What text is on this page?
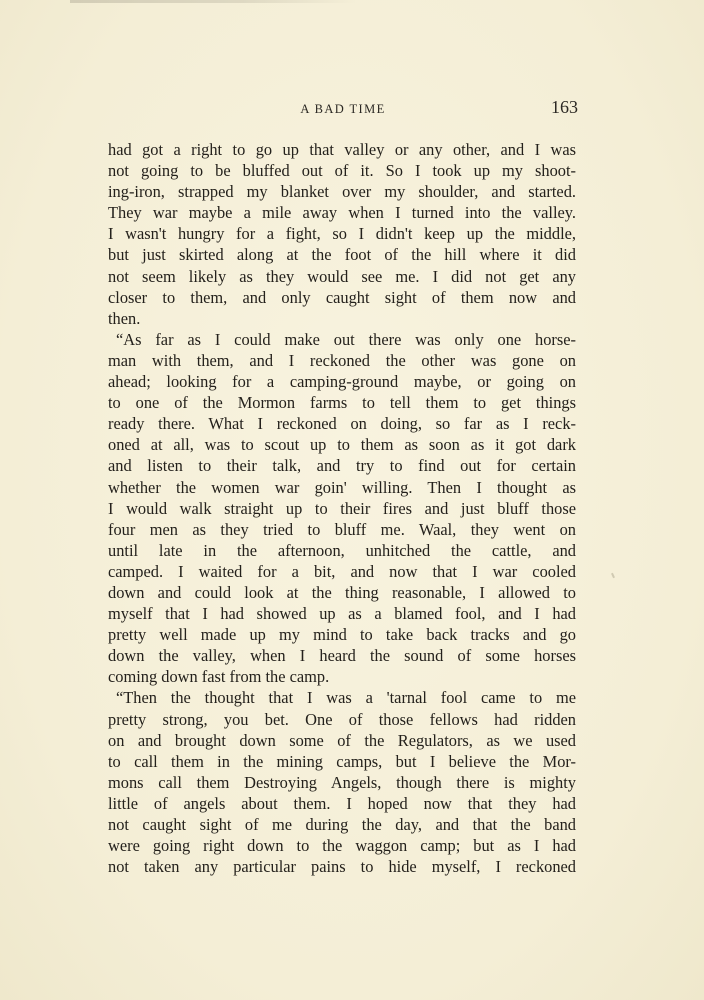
A BAD TIME	163
had got a right to go up that valley or any other, and I was
not going to be bluffed out of it. So I took up my shoot-
ing-iron, strapped my blanket over my shoulder, and started.
They war maybe a mile away when I turned into the valley.
I wasn't hungry for a fight, so I didn't keep up the middle,
but just skirted along at the foot of the hill where it did
not seem likely as they would see me. I did not get any
closer to them, and only caught sight of them now and
then.
“As far as I could make out there was only one horse-
man with them, and I reckoned the other was gone on
ahead; looking for a camping-ground maybe, or going on
to one of the Mormon farms to tell them to get things
ready there. What I reckoned on doing, so far as I reck-
oned at all, was to scout up to them as soon as it got dark
and listen to their talk, and try to find out for certain
whether the women war goin' willing. Then I thought as
I would walk straight up to their fires and just bluff those
four men as they tried to bluff me. Waal, they went on
until late in the afternoon, unhitched the cattle, and
camped. I waited for a bit, and now that I war cooled
down and could look at the thing reasonable, I allowed to
myself that I had showed up as a blamed fool, and I had
pretty well made up my mind to take back tracks and go
down the valley, when I heard the sound of some horses
coming down fast from the camp.
“Then the thought that I was a 'tarnal fool came to me
pretty strong, you bet. One of those fellows had ridden
on and brought down some of the Regulators, as we used
to call them in the mining camps, but I believe the Mor-
mons call them Destroying Angels, though there is mighty
little of angels about them. I hoped now that they had
not caught sight of me during the day, and that the band
were going right down to the waggon camp; but as I had
not taken any particular pains to hide myself, I reckoned
